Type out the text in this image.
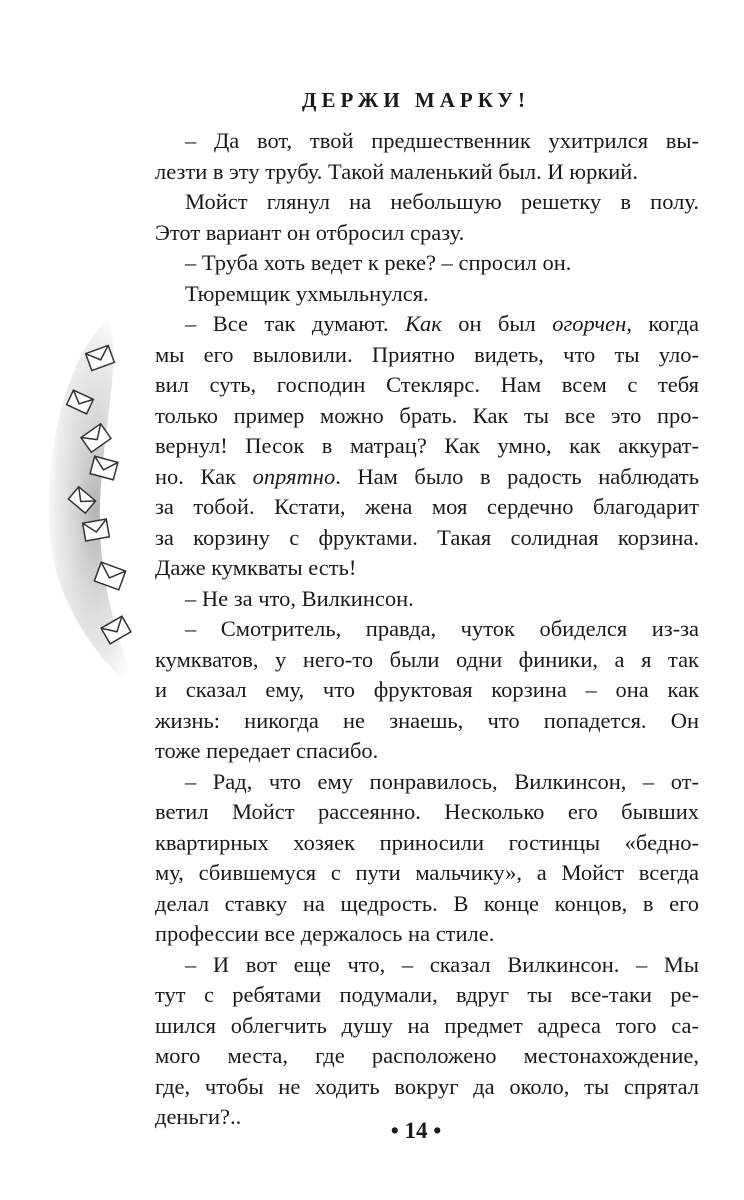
ДЕРЖИ МАРКУ!
– Да вот, твой предшественник ухитрился вы-
лезти в эту трубу. Такой маленький был. И юркий.
Мойст глянул на небольшую решетку в полу.
Этот вариант он отбросил сразу.
– Труба хоть ведет к реке? – спросил он.
Тюремщик ухмыльнулся.
– Все так думают. Как он был огорчен, когда
мы его выловили. Приятно видеть, что ты уло-
вил суть, господин Стеклярс. Нам всем с тебя
только пример можно брать. Как ты все это про-
вернул! Песок в матрац? Как умно, как аккурат-
но. Как опрятно. Нам было в радость наблюдать
за тобой. Кстати, жена моя сердечно благодарит
за корзину с фруктами. Такая солидная корзина.
Даже кумкваты есть!
– Не за что, Вилкинсон.
– Смотритель, правда, чуток обиделся из-за
кумкватов, у него-то были одни финики, а я так
и сказал ему, что фруктовая корзина – она как
жизнь: никогда не знаешь, что попадется. Он
тоже передает спасибо.
– Рад, что ему понравилось, Вилкинсон, – от-
ветил Мойст рассеянно. Несколько его бывших
квартирных хозяек приносили гостинцы «бедно-
му, сбившемуся с пути мальчику», а Мойст всегда
делал ставку на щедрость. В конце концов, в его
профессии все держалось на стиле.
– И вот еще что, – сказал Вилкинсон. – Мы
тут с ребятами подумали, вдруг ты все-таки ре-
шился облегчить душу на предмет адреса того са-
мого места, где расположено местонахождение,
где, чтобы не ходить вокруг да около, ты спрятал
деньги?..
• 14 •
